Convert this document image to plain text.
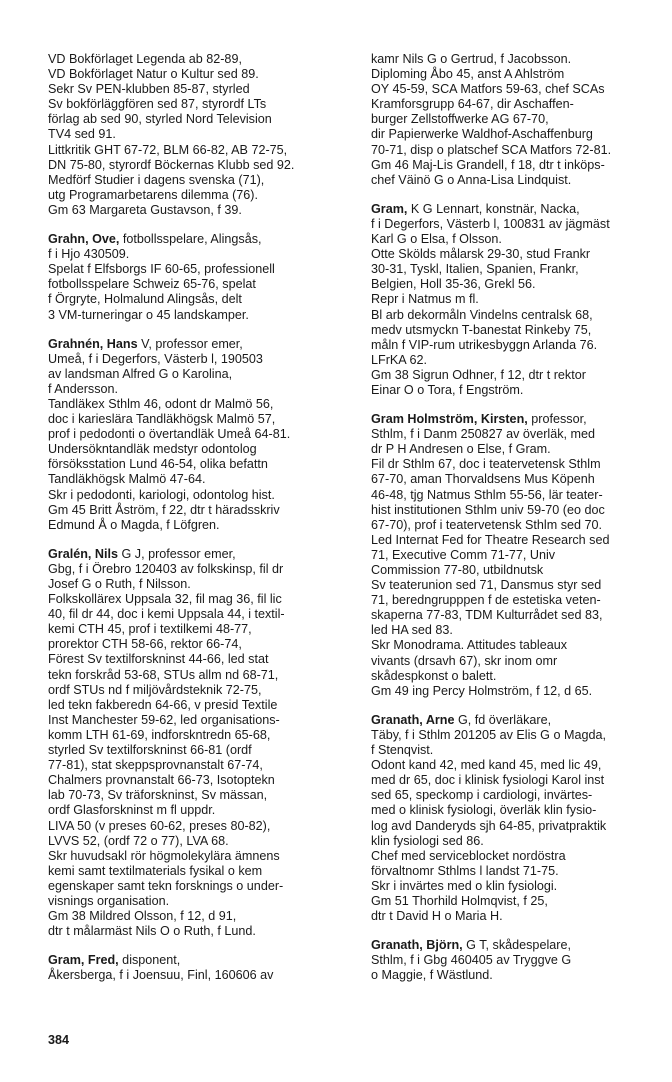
VD Bokförlaget Legenda ab 82-89,
VD Bokförlaget Natur o Kultur sed 89.
Sekr Sv PEN-klubben 85-87, styrled
Sv bokförläggfören sed 87, styrordf LTs
förlag ab sed 90, styrled Nord Television
TV4 sed 91.
Littkritik GHT 67-72, BLM 66-82, AB 72-75,
DN 75-80, styrordf Böckernas Klubb sed 92.
Medförf Studier i dagens svenska (71),
utg Programarbetarens dilemma (76).
Gm 63 Margareta Gustavson, f 39.
Grahn, Ove, fotbollsspelare, Alingsås,
f i Hjo 430509.
Spelat f Elfsborgs IF 60-65, professionell
fotbollsspelare Schweiz 65-76, spelat
f Örgryte, Holmalund Alingsås, delt
3 VM-turneringar o 45 landskamper.
Grahnén, Hans V, professor emer,
Umeå, f i Degerfors, Västerb l, 190503
av landsman Alfred G o Karolina,
f Andersson.
Tandläkex Sthlm 46, odont dr Malmö 56,
doc i kariеslära Tandläkhögsk Malmö 57,
prof i pedodonti o övertandläk Umeå 64-81.
Undersökntandläk medstyr odontolog
försöksstation Lund 46-54, olika befattn
Tandläkhögsk Malmö 47-64.
Skr i pedodonti, kariologi, odontolog hist.
Gm 45 Britt Åström, f 22, dtr t häradsskriv
Edmund Å o Magda, f Löfgren.
Gralén, Nils G J, professor emer,
Gbg, f i Örebro 120403 av folkskinsp, fil dr
Josef G o Ruth, f Nilsson.
Folkskollärex Uppsala 32, fil mag 36, fil lic
40, fil dr 44, doc i kemi Uppsala 44, i textil-
kemi CTH 45, prof i textilkemi 48-77,
prorektor CTH 58-66, rektor 66-74,
Förest Sv textilforskninst 44-66, led stat
tekn forskråd 53-68, STUs allm nd 68-71,
ordf STUs nd f miljövårdsteknik 72-75,
led tekn fakberedn 64-66, v presid Textile
Inst Manchester 59-62, led organisations-
komm LTH 61-69, indforskntredn 65-68,
styrled Sv textilforskninst 66-81 (ordf
77-81), stat skeppsprovnanstalt 67-74,
Chalmers provnanstalt 66-73, Isotoptekn
lab 70-73, Sv träforskninst, Sv mässan,
ordf Glasforskninst m fl uppdr.
LIVA 50 (v preses 60-62, preses 80-82),
LVVS 52, (ordf 72 o 77), LVA 68.
Skr huvudsakl rör högmolekylära ämnens
kemi samt textilmaterials fysikal o kem
egenskaper samt tekn forsknings o under-
visnings organisation.
Gm 38 Mildred Olsson, f 12, d 91,
dtr t målarmäst Nils O o Ruth, f Lund.
Gram, Fred, disponent,
Åkersberga, f i Joensuu, Finl, 160606 av
kamr Nils G o Gertrud, f Jacobsson.
Diploming Åbo 45, anst A Ahlström
OY 45-59, SCA Matfors 59-63, chef SCAs
Kramforsgrupp 64-67, dir Aschaffen-
burger Zellstoffwerke AG 67-70,
dir Papierwerke Waldhof-Aschaffenburg
70-71, disp o platschef SCA Matfors 72-81.
Gm 46 Maj-Lis Grandell, f 18, dtr t inköps-
chef Väinö G o Anna-Lisa Lindquist.
Gram, K G Lennart, konstnär, Nacka,
f i Degerfors, Västerb l, 100831 av jägmäst
Karl G o Elsa, f Olsson.
Otte Skölds målarsk 29-30, stud Frankr
30-31, Tyskl, Italien, Spanien, Frankr,
Belgien, Holl 35-36, Grekl 56.
Repr i Natmus m fl.
Bl arb dekormåln Vindelns centralsk 68,
medv utsmyckn T-banestat Rinkeby 75,
måln f VIP-rum utrikesbyggn Arlanda 76.
LFrKA 62.
Gm 38 Sigrun Odhner, f 12, dtr t rektor
Einar O o Tora, f Engström.
Gram Holmström, Kirsten, professor,
Sthlm, f i Danm 250827 av överläk, med
dr P H Andresen o Else, f Gram.
Fil dr Sthlm 67, doc i teatervetensk Sthlm
67-70, aman Thorvaldsens Mus Köpenh
46-48, tjg Natmus Sthlm 55-56, lär teater-
hist institutionen Sthlm univ 59-70 (eo doc
67-70), prof i teatervetensk Sthlm sed 70.
Led Internat Fed for Theatre Research sed
71, Executive Comm 71-77, Univ
Commission 77-80, utbildnutsk
Sv teaterunion sed 71, Dansmus styr sed
71, beredngrupppen f de estetiska veten-
skaperna 77-83, TDM Kulturrådet sed 83,
led HA sed 83.
Skr Monodrama. Attitudes tableaux
vivants (drsavh 67), skr inom omr
skådespkonst o balett.
Gm 49 ing Percy Holmström, f 12, d 65.
Granath, Arne G, fd överläkare,
Täby, f i Sthlm 201205 av Elis G o Magda,
f Stenqvist.
Odont kand 42, med kand 45, med lic 49,
med dr 65, doc i klinisk fysiologi Karol inst
sed 65, speckomp i cardiologi, invärtes-
med o klinisk fysiologi, överläk klin fysio-
log avd Danderyds sjh 64-85, privatpraktik
klin fysiologi sed 86.
Chef med serviceblocket nordöstra
förvaltnomr Sthlms l landst 71-75.
Skr i invärtes med o klin fysiologi.
Gm 51 Thorhild Holmqvist, f 25,
dtr t David H o Maria H.
Granath, Björn, G T, skådespelare,
Sthlm, f i Gbg 460405 av Tryggve G
o Maggie, f Wästlund.
384
